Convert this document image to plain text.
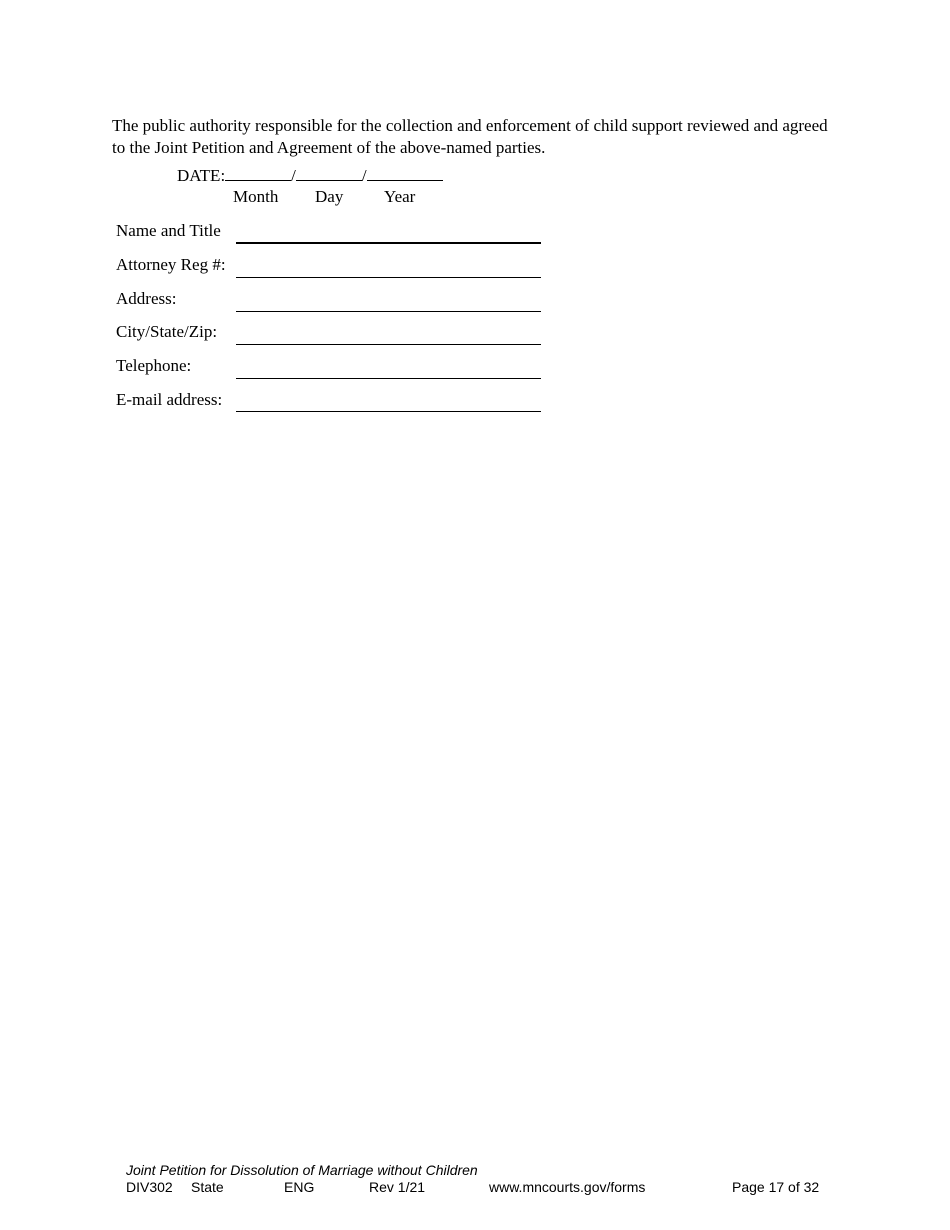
The public authority responsible for the collection and enforcement of child support reviewed and agreed to the Joint Petition and Agreement of the above-named parties.

DATE:	/	/
Month Day Year
Name and Title
Attorney Reg #:
Address:
City/State/Zip:
Telephone:
E-mail address:
Joint Petition for Dissolution of Marriage without Children
DIV302 State	ENG	Rev 1/21	www.mncourts.gov/forms	Page 17 of 32
